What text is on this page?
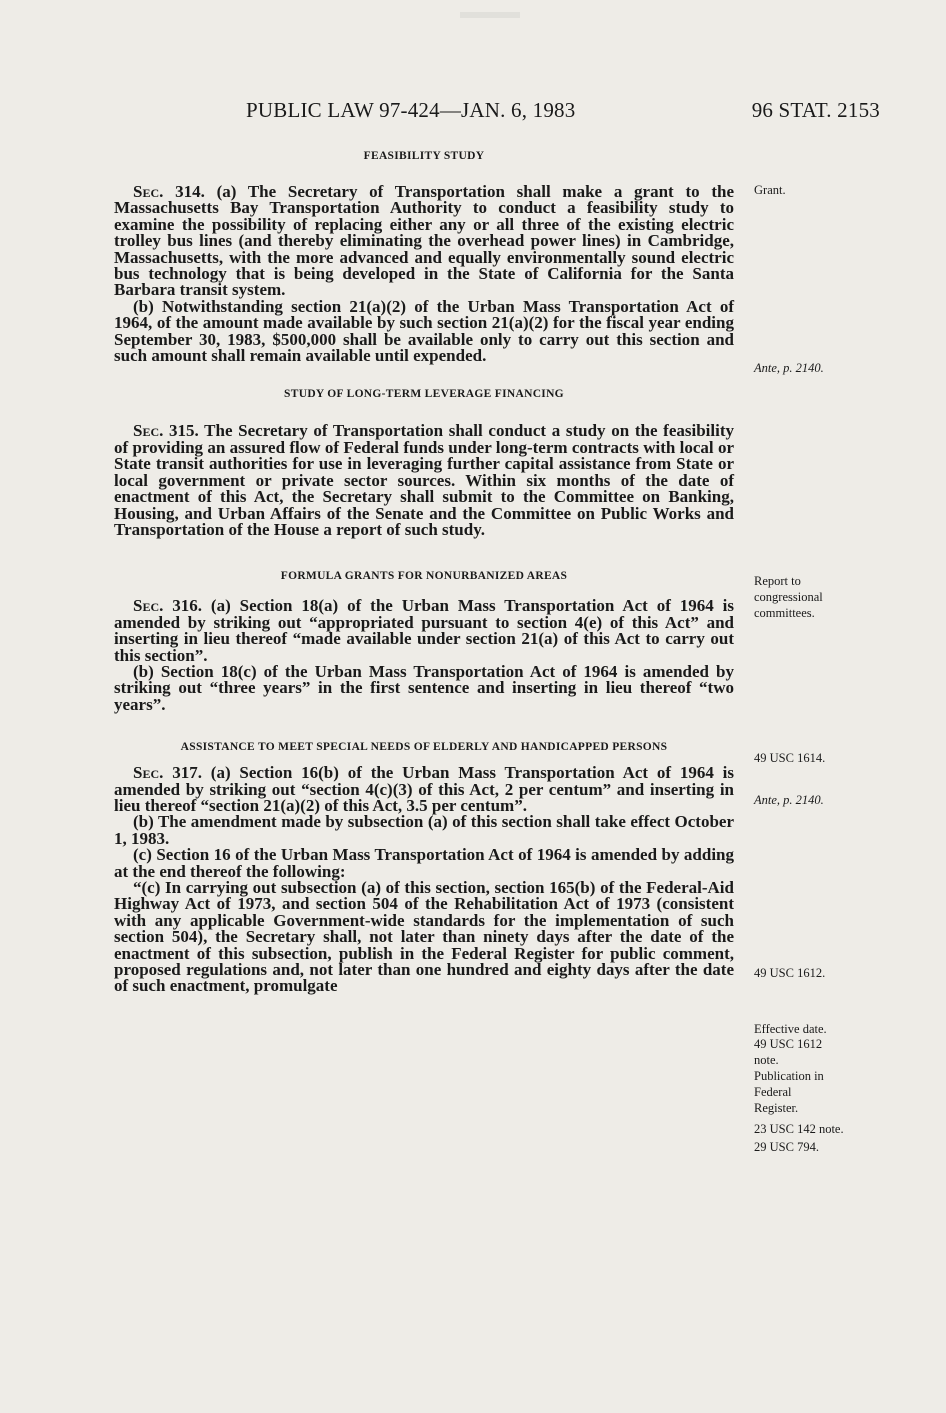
PUBLIC LAW 97-424—JAN. 6, 1983	96 STAT. 2153
FEASIBILITY STUDY

Sec. 314. (a) The Secretary of Transportation shall make a grant to the Massachusetts Bay Transportation Authority to conduct a feasibility study to examine the possibility of replacing either any or all three of the existing electric trolley bus lines (and thereby eliminating the overhead power lines) in Cambridge, Massachusetts, with the more advanced and equally environmentally sound electric bus technology that is being developed in the State of California for the Santa Barbara transit system.

(b) Notwithstanding section 21(a)(2) of the Urban Mass Transportation Act of 1964, of the amount made available by such section 21(a)(2) for the fiscal year ending September 30, 1983, $500,000 shall be available only to carry out this section and such amount shall remain available until expended.

STUDY OF LONG-TERM LEVERAGE FINANCING

Sec. 315. The Secretary of Transportation shall conduct a study on the feasibility of providing an assured flow of Federal funds under long-term contracts with local or State transit authorities for use in leveraging further capital assistance from State or local government or private sector sources. Within six months of the date of enactment of this Act, the Secretary shall submit to the Committee on Banking, Housing, and Urban Affairs of the Senate and the Committee on Public Works and Transportation of the House a report of such study.

FORMULA GRANTS FOR NONURBANIZED AREAS

Sec. 316. (a) Section 18(a) of the Urban Mass Transportation Act of 1964 is amended by striking out “appropriated pursuant to section 4(e) of this Act” and inserting in lieu thereof “made available under section 21(a) of this Act to carry out this section”.

(b) Section 18(c) of the Urban Mass Transportation Act of 1964 is amended by striking out “three years” in the first sentence and inserting in lieu thereof “two years”.

ASSISTANCE TO MEET SPECIAL NEEDS OF ELDERLY AND HANDICAPPED PERSONS

Sec. 317. (a) Section 16(b) of the Urban Mass Transportation Act of 1964 is amended by striking out “section 4(c)(3) of this Act, 2 per centum” and inserting in lieu thereof “section 21(a)(2) of this Act, 3.5 per centum”.

(b) The amendment made by subsection (a) of this section shall take effect October 1, 1983.

(c) Section 16 of the Urban Mass Transportation Act of 1964 is amended by adding at the end thereof the following:

“(c) In carrying out subsection (a) of this section, section 165(b) of the Federal-Aid Highway Act of 1973, and section 504 of the Rehabilitation Act of 1973 (consistent with any applicable Government-wide standards for the implementation of such section 504), the Secretary shall, not later than ninety days after the date of the enactment of this subsection, publish in the Federal Register for public comment, proposed regulations and, not later than one hundred and eighty days after the date of such enactment, promulgate

Grant.
Ante, p. 2140.
Report to
congressional
committees.
49 USC 1614.
Ante, p. 2140.
49 USC 1612.
Effective date.
49 USC 1612
note.
Publication in
Federal
Register.
23 USC 142 note.
29 USC 794.
